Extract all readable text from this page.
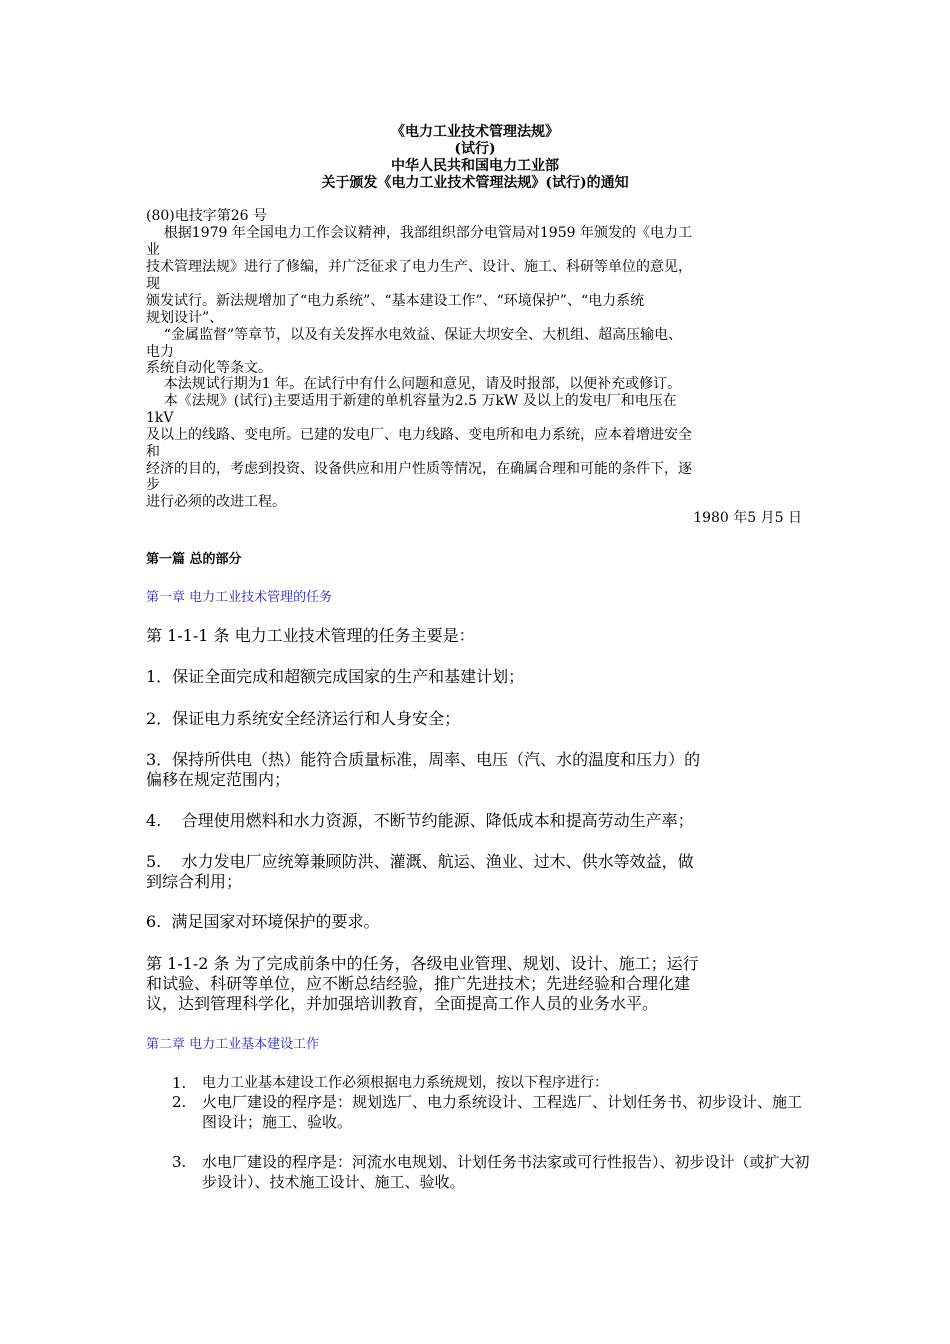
《电力工业技术管理法规》
(试行)
中华人民共和国电力工业部
关于颁发《电力工业技术管理法规》(试行)的通知
(80)电技字第26 号
根据1979 年全国电力工作会议精神，我部组织部分电管局对1959 年颁发的《电力工
业
技术管理法规》进行了修编，并广泛征求了电力生产、设计、施工、科研等单位的意见，
现
颁发试行。新法规增加了“电力系统”、“基本建设工作”、“环境保护”、“电力系统
规划设计”、
“金属监督”等章节，以及有关发挥水电效益、保证大坝安全、大机组、超高压输电、
电力
系统自动化等条文。
本法规试行期为1 年。在试行中有什么问题和意见，请及时报部，以便补充或修订。
本《法规》(试行)主要适用于新建的单机容量为2.5 万kW 及以上的发电厂和电压在
1kV
及以上的线路、变电所。已建的发电厂、电力线路、变电所和电力系统，应本着增进安全
和
经济的目的，考虑到投资、设备供应和用户性质等情况，在确属合理和可能的条件下，逐
步
进行必须的改进工程。
1980 年5 月5 日
第一篇 总的部分
第一章 电力工业技术管理的任务
第 1-1-1 条 电力工业技术管理的任务主要是：
1．保证全面完成和超额完成国家的生产和基建计划；
2．保证电力系统安全经济运行和人身安全；
3．保持所供电（热）能符合质量标准，周率、电压（汽、水的温度和压力）的
偏移在规定范围内；
4.    合理使用燃料和水力资源，不断节约能源、降低成本和提高劳动生产率；
5.    水力发电厂应统筹兼顾防洪、灌溉、航运、渔业、过木、供水等效益，做
到综合利用；
6.  满足国家对环境保护的要求。
第 1-1-2 条 为了完成前条中的任务，各级电业管理、规划、设计、施工；运行
和试验、科研等单位，应不断总结经验，推广先进技术；先进经验和合理化建
议，达到管理科学化，并加强培训教育，全面提高工作人员的业务水平。
第二章 电力工业基本建设工作
1. 电力工业基本建设工作必须根据电力系统规划，按以下程序进行：
2. 火电厂建设的程序是：规划选厂、电力系统设计、工程选厂、计划任务书、初步设计、施工图设计；施工、验收。
3. 水电厂建设的程序是：河流水电规划、计划任务书法家或可行性报告）、初步设计（或扩大初步设计）、技术施工设计、施工、验收。
